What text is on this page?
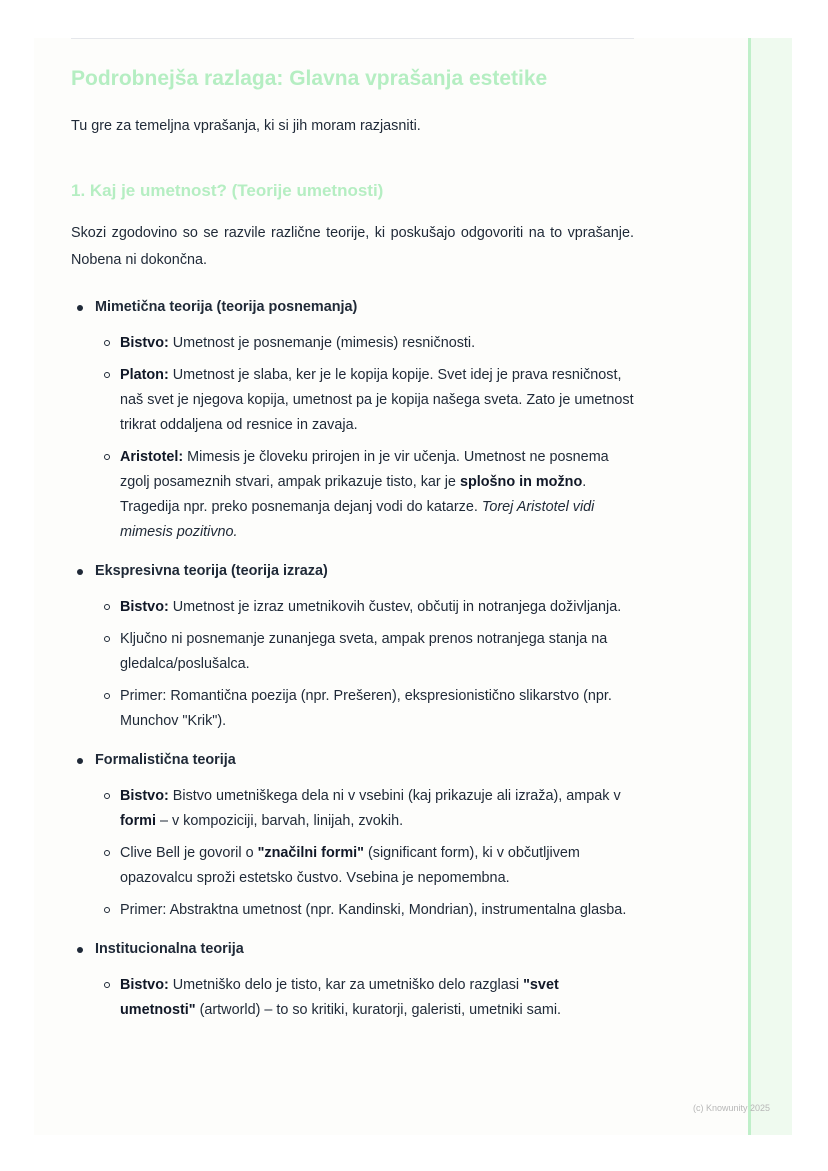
Podrobnejša razlaga: Glavna vprašanja estetike

Tu gre za temeljna vprašanja, ki si jih moram razjasniti.

1. Kaj je umetnost? (Teorije umetnosti)

Skozi zgodovino so se razvile različne teorije, ki poskušajo odgovoriti na to vprašanje. Nobena ni dokončna.

Mimetična teorija (teorija posnemanja)
Bistvo: Umetnost je posnemanje (mimesis) resničnosti.
Platon: Umetnost je slaba, ker je le kopija kopije. Svet idej je prava resničnost, naš svet je njegova kopija, umetnost pa je kopija našega sveta. Zato je umetnost trikrat oddaljena od resnice in zavaja.
Aristotel: Mimesis je človeku prirojen in je vir učenja. Umetnost ne posnema zgolj posameznih stvari, ampak prikazuje tisto, kar je splošno in možno. Tragedija npr. preko posnemanja dejanj vodi do katarze. Torej Aristotel vidi mimesis pozitivno.
Ekspresivna teorija (teorija izraza)
Bistvo: Umetnost je izraz umetnikovih čustev, občutij in notranjega doživljanja.
Ključno ni posnemanje zunanjega sveta, ampak prenos notranjega stanja na gledalca/poslušalca.
Primer: Romantična poezija (npr. Prešeren), ekspresionistično slikarstvo (npr. Munchov "Krik").
Formalistična teorija
Bistvo: Bistvo umetniškega dela ni v vsebini (kaj prikazuje ali izraža), ampak v formi – v kompoziciji, barvah, linijah, zvokih.
Clive Bell je govoril o "značilni formi" (significant form), ki v občutljivem opazovalcu sproži estetsko čustvo. Vsebina je nepomembna.
Primer: Abstraktna umetnost (npr. Kandinski, Mondrian), instrumentalna glasba.
Institucionalna teorija
Bistvo: Umetniško delo je tisto, kar za umetniško delo razglasi "svet umetnosti" (artworld) – to so kritiki, kuratorji, galeristi, umetniki sami.
(c) Knowunity 2025
